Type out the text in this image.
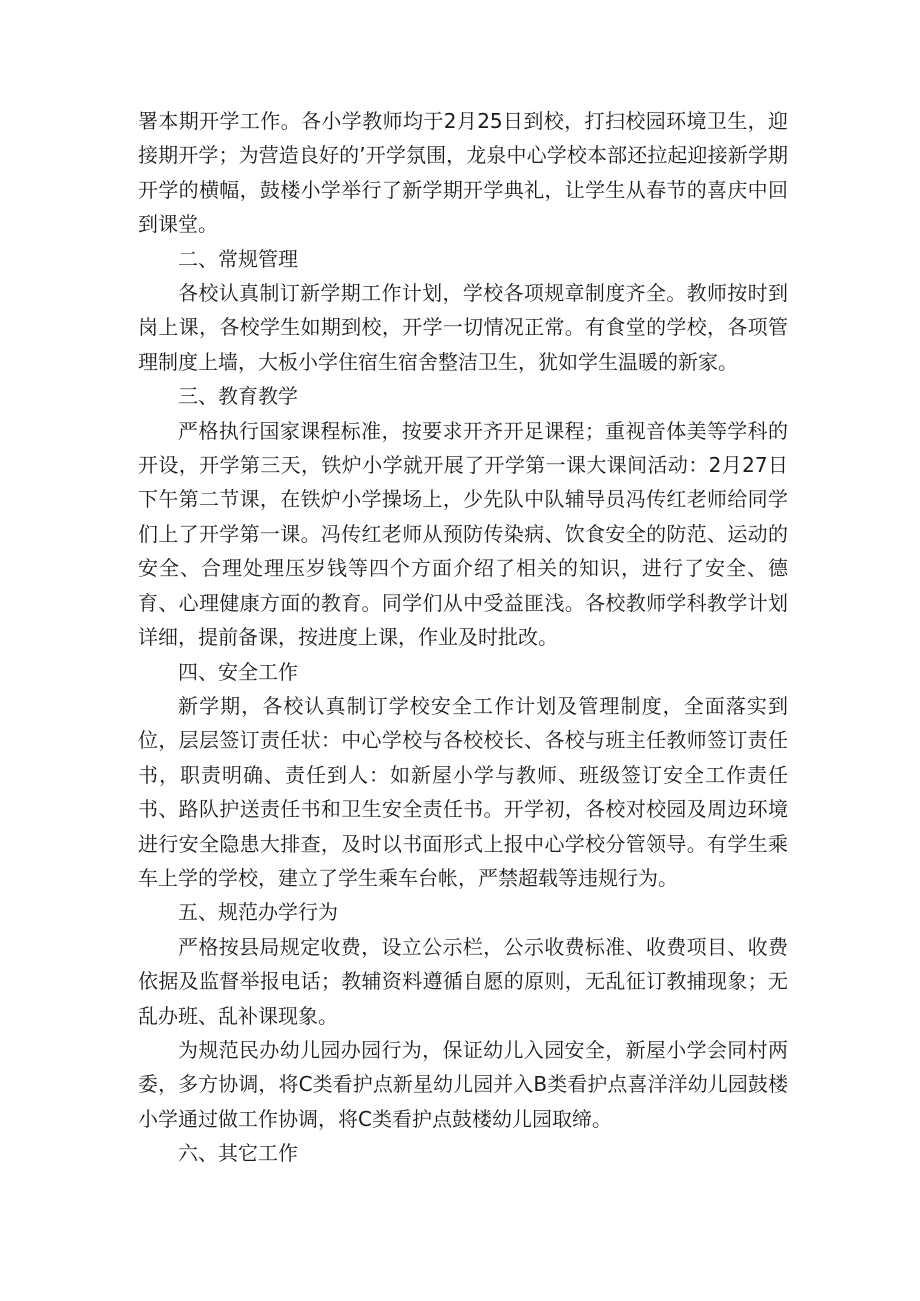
署本期开学工作。各小学教师均于2月25日到校，打扫校园环境卫生，迎接期开学；为营造良好的’开学氛围，龙泉中心学校本部还拉起迎接新学期开学的横幅，鼓楼小学举行了新学期开学典礼，让学生从春节的喜庆中回到课堂。

二、常规管理

各校认真制订新学期工作计划，学校各项规章制度齐全。教师按时到岗上课，各校学生如期到校，开学一切情况正常。有食堂的学校，各项管理制度上墙，大板小学住宿生宿舍整洁卫生，犹如学生温暖的新家。

三、教育教学

严格执行国家课程标准，按要求开齐开足课程；重视音体美等学科的开设，开学第三天，铁炉小学就开展了开学第一课大课间活动：2月27日下午第二节课，在铁炉小学操场上，少先队中队辅导员冯传红老师给同学们上了开学第一课。冯传红老师从预防传染病、饮食安全的防范、运动的安全、合理处理压岁钱等四个方面介绍了相关的知识，进行了安全、德育、心理健康方面的教育。同学们从中受益匪浅。各校教师学科教学计划详细，提前备课，按进度上课，作业及时批改。

四、安全工作

新学期，各校认真制订学校安全工作计划及管理制度，全面落实到位，层层签订责任状：中心学校与各校校长、各校与班主任教师签订责任书，职责明确、责任到人：如新屋小学与教师、班级签订安全工作责任书、路队护送责任书和卫生安全责任书。开学初，各校对校园及周边环境进行安全隐患大排查，及时以书面形式上报中心学校分管领导。有学生乘车上学的学校，建立了学生乘车台帐，严禁超载等违规行为。

五、规范办学行为

严格按县局规定收费，设立公示栏，公示收费标准、收费项目、收费依据及监督举报电话；教辅资料遵循自愿的原则，无乱征订教捕现象；无乱办班、乱补课现象。

为规范民办幼儿园办园行为，保证幼儿入园安全，新屋小学会同村两委，多方协调，将C类看护点新星幼儿园并入B类看护点喜洋洋幼儿园鼓楼小学通过做工作协调，将C类看护点鼓楼幼儿园取缔。

六、其它工作
